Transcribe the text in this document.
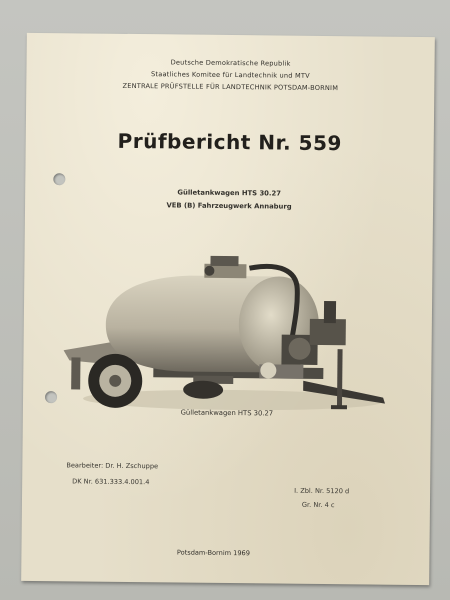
Deutsche Demokratische Republik
Staatliches Komitee für Landtechnik und MTV
ZENTRALE PRÜFSTELLE FÜR LANDTECHNIK POTSDAM-BORNIM
Prüfbericht Nr. 559
Gülletankwagen HTS 30.27
VEB (B) Fahrzeugwerk Annaburg
Gülletankwagen HTS 30.27
Bearbeiter: Dr. H. Zschuppe
DK Nr. 631.333.4.001.4
I. Zbl. Nr. 5120 d
Gr. Nr. 4 c
Potsdam-Bornim 1969
